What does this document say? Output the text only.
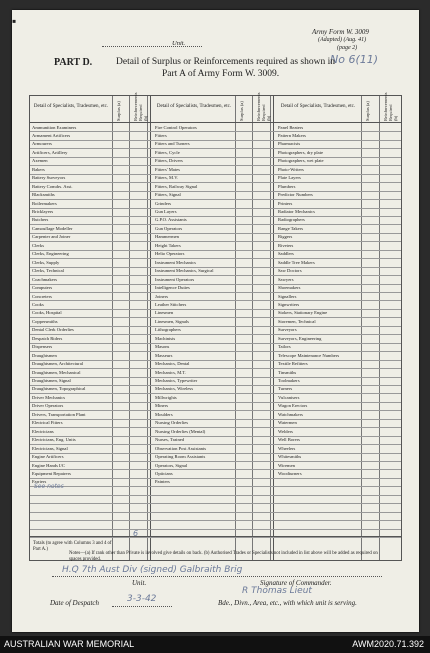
▪
Unit.
Army Form W. 3009
(Adapted) (Aug. 41)
(page 2)
No 6(11)
PART D.	Detail of Surplus or Reinforcements required as shown in
Part A of Army Form W. 3009.
Detail of Specialists, Tradesmen, etc.	Surplus (a)	Reinforcements Required (b)
Detail of Specialists, Tradesmen, etc.	Surplus (a)	Reinforcements Required (b)
Detail of Specialists, Tradesmen, etc.	Surplus (a)	Reinforcements Required (b)
Ammunition Examiners
Armament Artificers
Armourers
Artificers, Artillery
Axemen
Bakers
Battery Surveyors
Battery Comdrs. Asst.
Blacksmiths
Boilermakers
Bricklayers
Butchers
Camouflage Modeller
Carpenter and Joiner
Clerks
Clerks, Engineering
Clerks, Supply
Clerks, Technical
Coachmakers
Computers
Concreters
Cooks
Cooks, Hospital
Coppersmiths
Dental Clerk Orderlies
Despatch Riders
Dispensers
Draughtsmen
Draughtsmen, Architectural
Draughtsmen, Mechanical
Draughtsmen, Signal
Draughtsmen, Topographical
Driver Mechanics
Driver Operators
Drivers, Transportation Plant
Electrical Fitters
Electricians
Electricians, Eng. Units
Electricians, Signal
Engine Artificers
Engine Hands I/C
Equipment Repairers
Farriers
Fire Control Operators
Fitters
Fitters and Turners
Fitters, Cycle
Fitters, Drivers
Fitters' Mates
Fitters, M.V.
Fitters, Railway Signal
Fitters, Signal
Grinders
Gun Layers
G.P.O. Assistants
Gun Operators
Hammermen
Height Takers
Helio Operators
Instrument Mechanics
Instrument Mechanics, Surgical
Instrument Operators
Intelligence Duties
Joiners
Leather Stitchers
Linesmen
Linesmen, Signals
Lithographers
Machinists
Masons
Masseurs
Mechanics, Dental
Mechanics, M.T.
Mechanics, Typewriter
Mechanics, Wireless
Millwrights
Miners
Moulders
Nursing Orderlies
Nursing Orderlies (Mental)
Nurses, Trained
Observation Post Assistants
Operating Room Assistants
Operators, Signal
Opticians
Painters
Panel Beaters
Pattern Makers
Pharmacists
Photographers, dry plate
Photographers, wet plate
Photo-Writers
Plate Layers
Plumbers
Predictor Numbers
Printers
Radiator Mechanics
Radiographers
Range Takers
Riggers
Riveters
Saddlers
Saddle Tree Makers
Saw Doctors
Sawyers
Shoemakers
Signallers
Signwriters
Stokers, Stationary Engine
Storemen, Technical
Surveyors
Surveyors, Engineering
Tailors
Telescope Maintenance Numbers
Textile Refitters
Tinsmiths
Toolmakers
Turners
Vulcanisers
Wagon Erectors
Watchmakers
Watermen
Welders
Well Borers
Wheelers
Whitesmiths
Wiremen
Woodturners
See notes
6
Totals (to agree with Columns 3 and 4 of Part A.)
Notes—(a) If rank other than Private is involved give details on back. (b) Authorised Trades or Specialists not included in list above will be added as required on spaces provided.
H.Q 7th Aust Div (signed) Galbraith Brig
Unit.	Signature of Commander.
R Thomas Lieut
Date of Despatch	3-3-42	Bde., Divn., Area, etc., with which unit is serving.
AUSTRALIAN WAR MEMORIAL	AWM2020.71.392
